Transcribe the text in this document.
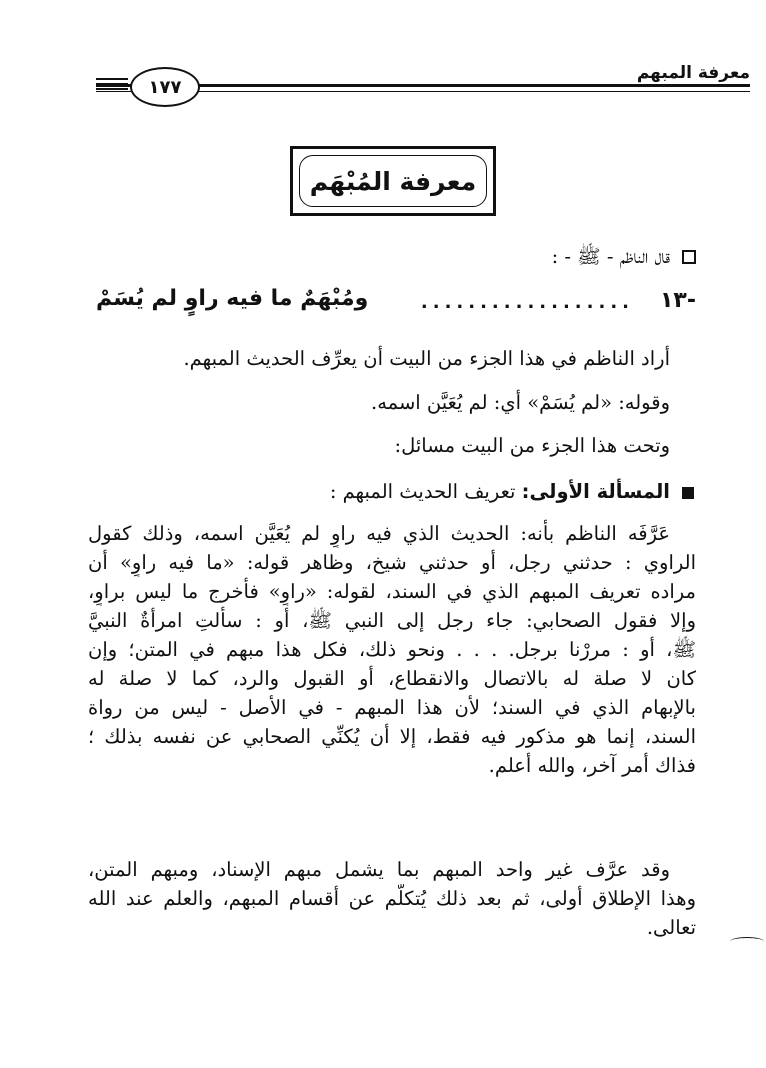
معرفة المبهم
١٧٧
معرفة المُبْهَم
قال الناظم - ﷺ - :
-١٣
..................
ومُبْهَمٌ ما فيه راوٍ لم يُسَمْ
أراد الناظم في هذا الجزء من البيت أن يعرِّف الحديث المبهم.
وقوله: «لم يُسَمْ» أي: لم يُعَيَّن اسمه.
وتحت هذا الجزء من البيت مسائل:
المسألة الأولى: تعريف الحديث المبهم :
عَرَّفَه الناظم بأنه: الحديث الذي فيه راوٍ لم يُعَيَّن اسمه، وذلك كقول
الراوي : حدثني رجل، أو حدثني شيخ، وظاهر قوله: «ما فيه راوٍ» أن
مراده تعريف المبهم الذي في السند، لقوله: «راوٍ» فأخرج ما ليس براوٍ،
وإلا فقول الصحابي: جاء رجل إلى النبي ﷺ، أو : سألتِ امرأةٌ النبيَّ
ﷺ، أو : مررْنا برجل. . . . ونحو ذلك، فكل هذا مبهم في المتن؛ وإن
كان لا صلة له بالاتصال والانقطاع، أو القبول والرد، كما لا صلة له
بالإبهام الذي في السند؛ لأن هذا المبهم - في الأصل - ليس من رواة
السند، إنما هو مذكور فيه فقط، إلا أن يُكنِّي الصحابي عن نفسه بذلك ؛
فذاك أمر آخر، والله أعلم.
وقد عرَّف غير واحد المبهم بما يشمل مبهم الإسناد، ومبهم المتن،
وهذا الإطلاق أولى، ثم بعد ذلك يُتكلَّم عن أقسام المبهم، والعلم عند الله
تعالى.
